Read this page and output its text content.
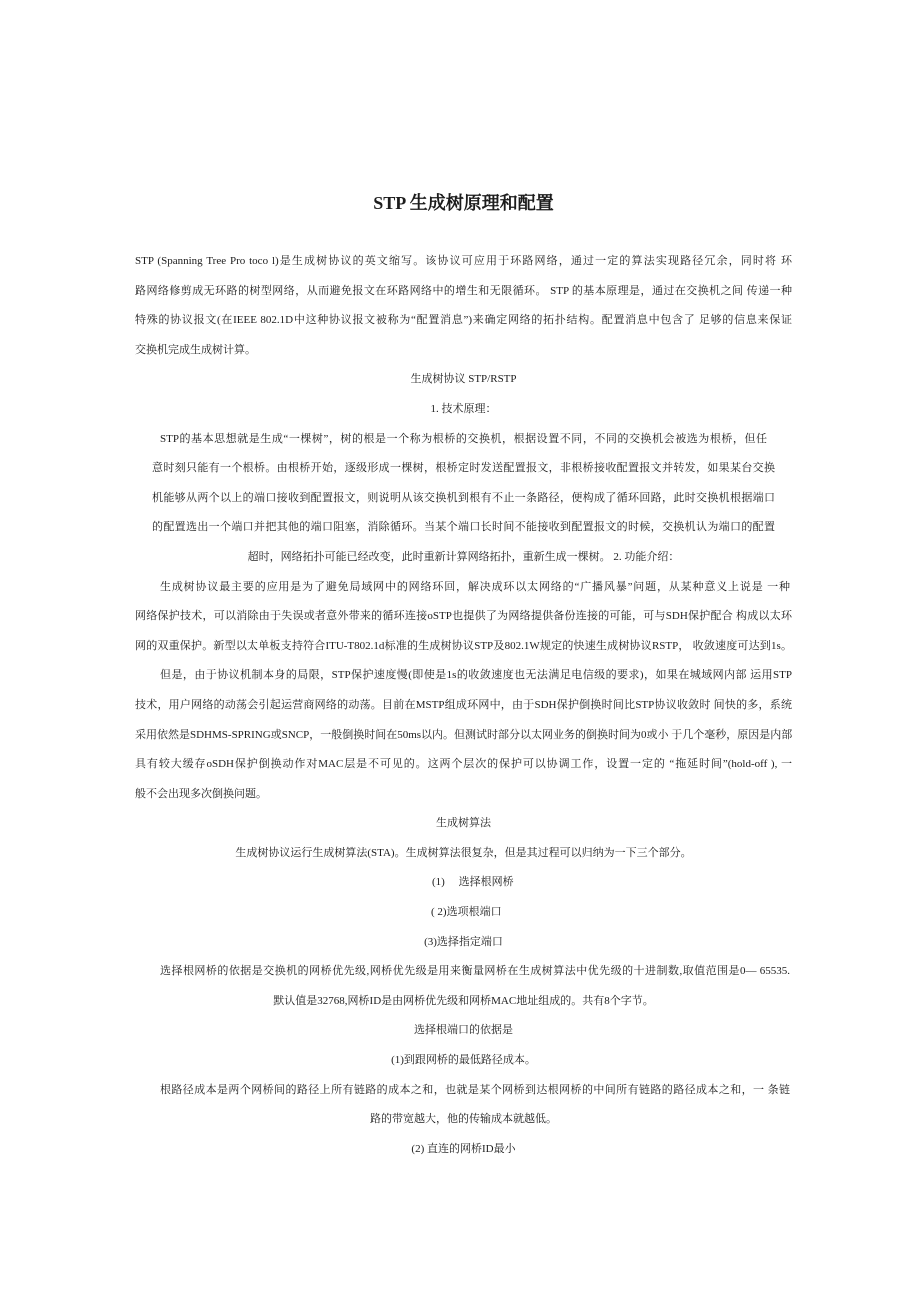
STP 生成树原理和配置
STP (Spanning Tree Pro toco l)是生成树协议的英文缩写。该协议可应用于环路网络，通过一定的算法实现路径冗余，同时将 环
路网络修剪成无环路的树型网络，从而避免报文在环路网络中的增生和无限循环。 STP 的基本原理是，通过在交换机之间 传递一种
特殊的协议报文(在IEEE 802.1D中这种协议报文被称为“配置消息”)来确定网络的拓扑结构。配置消息中包含了 足够的信息来保证
交换机完成生成树计算。
生成树协议 STP/RSTP
1. 技术原理：
STP的基本思想就是生成“一棵树”，树的根是一个称为根桥的交换机，根据设置不同，不同的交换机会被选为根桥，但任
意时刻只能有一个根桥。由根桥开始，逐级形成一棵树，根桥定时发送配置报文，非根桥接收配置报文并转发，如果某台交换
机能够从两个以上的端口接收到配置报文，则说明从该交换机到根有不止一条路径，便构成了循环回路，此时交换机根据端口
的配置选出一个端口并把其他的端口阻塞，消除循环。当某个端口长时间不能接收到配置报文的时候，交换机认为端口的配置
超时，网络拓扑可能已经改变，此时重新计算网络拓扑，重新生成一棵树。 2. 功能介绍：
生成树协议最主要的应用是为了避免局域网中的网络环回，解决成环以太网络的“广播风暴”问题，从某种意义上说是 一种
网络保护技术，可以消除由于失误或者意外带来的循环连接oSTP也提供了为网络提供备份连接的可能，可与SDH保护配合 构成以太环
网的双重保护。新型以太单板支持符合ITU-T802.1d标准的生成树协议STP及802.1W规定的快速生成树协议RSTP， 收敛速度可达到1s。
但是，由于协议机制本身的局限，STP保护速度慢(即使是1s的收敛速度也无法满足电信级的要求)，如果在城域网内部 运用STP
技术，用户网络的动荡会引起运营商网络的动荡。目前在MSTP组成环网中，由于SDH保护倒换时间比STP协议收敛时 间快的多，系统
采用依然是SDHMS-SPRING或SNCP，一般倒换时间在50ms以内。但测试时部分以太网业务的倒换时间为0或小 于几个毫秒，原因是内部
具有较大缓存oSDH保护倒换动作对MAC层是不可见的。这两个层次的保护可以协调工作，设置一定的 “拖延时间”(hold-off ), 一
般不会出现多次倒换问题。
生成树算法
生成树协议运行生成树算法(STA)。生成树算法很复杂，但是其过程可以归纳为一下三个部分。
(1)     选择根网桥
( 2)选项根端口
(3)选择指定端口
选择根网桥的依据是交换机的网桥优先级,网桥优先级是用来衡量网桥在生成树算法中优先级的十进制数,取值范围是0— 65535.
默认值是32768,网桥ID是由网桥优先级和网桥MAC地址组成的。共有8个字节。
选择根端口的依据是
(1)到跟网桥的最低路径成本。
根路径成本是两个网桥间的路径上所有链路的成本之和，也就是某个网桥到达根网桥的中间所有链路的路径成本之和，一 条链
路的带宽越大，他的传输成本就越低。
(2) 直连的网桥ID最小
